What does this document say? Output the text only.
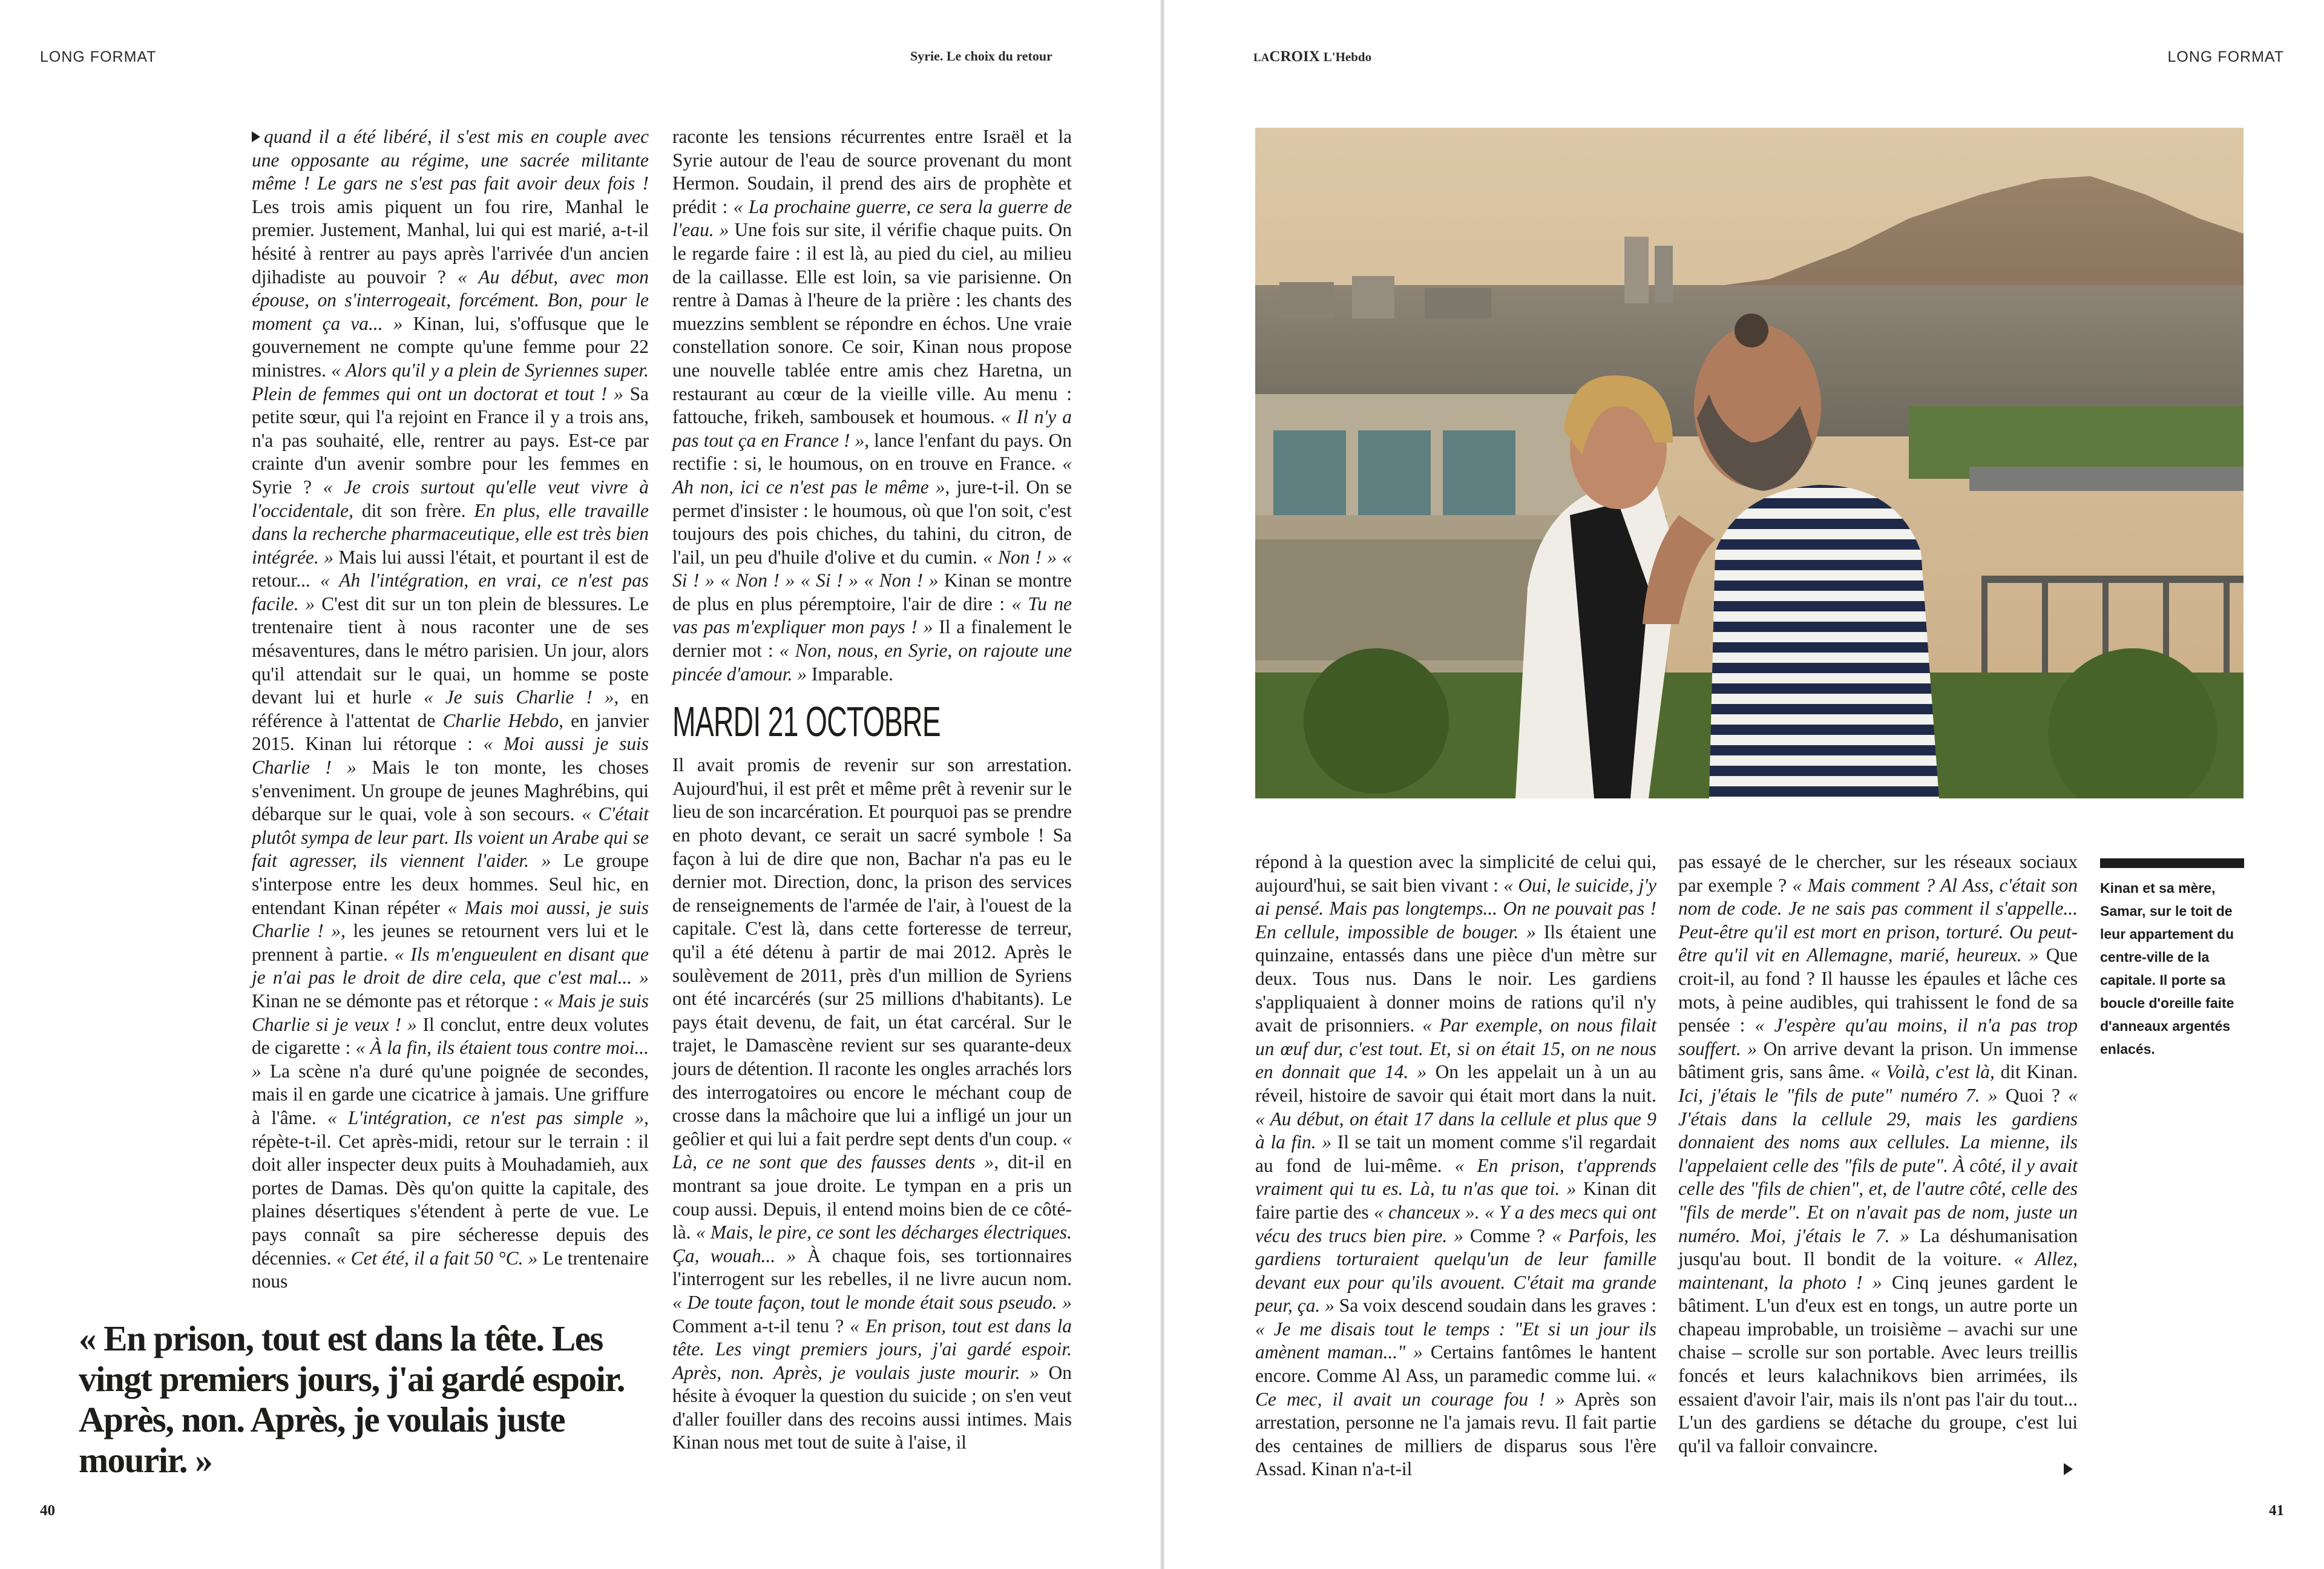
LONG FORMAT	Syrie. Le choix du retour	LACROIX L'Hebdo	LONG FORMAT

quand il a été libéré, il s'est mis en couple avec une opposante au régime, une sacrée militante même ! Le gars ne s'est pas fait avoir deux fois ! Les trois amis piquent un fou rire, Manhal le premier. Justement, Manhal, lui qui est marié, a-t-il hésité à rentrer au pays après l'arrivée d'un ancien djihadiste au pouvoir ? « Au début, avec mon épouse, on s'interrogeait, forcément. Bon, pour le moment ça va... » Kinan, lui, s'offusque que le gouvernement ne compte qu'une femme pour 22 ministres. « Alors qu'il y a plein de Syriennes super. Plein de femmes qui ont un doctorat et tout ! » Sa petite sœur, qui l'a rejoint en France il y a trois ans, n'a pas souhaité, elle, rentrer au pays. Est-ce par crainte d'un avenir sombre pour les femmes en Syrie ? « Je crois surtout qu'elle veut vivre à l'occidentale, dit son frère. En plus, elle travaille dans la recherche pharmaceutique, elle est très bien intégrée. » Mais lui aussi l'était, et pourtant il est de retour... « Ah l'intégration, en vrai, ce n'est pas facile. » C'est dit sur un ton plein de blessures. Le trentenaire tient à nous raconter une de ses mésaventures, dans le métro parisien. Un jour, alors qu'il attendait sur le quai, un homme se poste devant lui et hurle « Je suis Charlie ! », en référence à l'attentat de Charlie Hebdo, en janvier 2015. Kinan lui rétorque : « Moi aussi je suis Charlie ! » Mais le ton monte, les choses s'enveniment. Un groupe de jeunes Maghrébins, qui débarque sur le quai, vole à son secours. « C'était plutôt sympa de leur part. Ils voient un Arabe qui se fait agresser, ils viennent l'aider. » Le groupe s'interpose entre les deux hommes. Seul hic, en entendant Kinan répéter « Mais moi aussi, je suis Charlie ! », les jeunes se retournent vers lui et le prennent à partie. « Ils m'engueulent en disant que je n'ai pas le droit de dire cela, que c'est mal... » Kinan ne se démonte pas et rétorque : « Mais je suis Charlie si je veux ! » Il conclut, entre deux volutes de cigarette : « À la fin, ils étaient tous contre moi... » La scène n'a duré qu'une poignée de secondes, mais il en garde une cicatrice à jamais. Une griffure à l'âme. « L'intégration, ce n'est pas simple », répète-t-il. Cet après-midi, retour sur le terrain : il doit aller inspecter deux puits à Mouhadamieh, aux portes de Damas. Dès qu'on quitte la capitale, des plaines désertiques s'étendent à perte de vue. Le pays connaît sa pire sécheresse depuis des décennies. « Cet été, il a fait 50 °C. » Le trentenaire nous

raconte les tensions récurrentes entre Israël et la Syrie autour de l'eau de source provenant du mont Hermon. Soudain, il prend des airs de prophète et prédit : « La prochaine guerre, ce sera la guerre de l'eau. » Une fois sur site, il vérifie chaque puits. On le regarde faire : il est là, au pied du ciel, au milieu de la caillasse. Elle est loin, sa vie parisienne. On rentre à Damas à l'heure de la prière : les chants des muezzins semblent se répondre en échos. Une vraie constellation sonore. Ce soir, Kinan nous propose une nouvelle tablée entre amis chez Haretna, un restaurant au cœur de la vieille ville. Au menu : fattouche, frikeh, sambousek et houmous. « Il n'y a pas tout ça en France ! », lance l'enfant du pays. On rectifie : si, le houmous, on en trouve en France. « Ah non, ici ce n'est pas le même », jure-t-il. On se permet d'insister : le houmous, où que l'on soit, c'est toujours des pois chiches, du tahini, du citron, de l'ail, un peu d'huile d'olive et du cumin. « Non ! » « Si ! » « Non ! » « Si ! » « Non ! » Kinan se montre de plus en plus péremptoire, l'air de dire : « Tu ne vas pas m'expliquer mon pays ! » Il a finalement le dernier mot : « Non, nous, en Syrie, on rajoute une pincée d'amour. » Imparable.

MARDI 21 OCTOBRE

Il avait promis de revenir sur son arrestation. Aujourd'hui, il est prêt et même prêt à revenir sur le lieu de son incarcération. Et pourquoi pas se prendre en photo devant, ce serait un sacré symbole ! Sa façon à lui de dire que non, Bachar n'a pas eu le dernier mot. Direction, donc, la prison des services de renseignements de l'armée de l'air, à l'ouest de la capitale. C'est là, dans cette forteresse de terreur, qu'il a été détenu à partir de mai 2012. Après le soulèvement de 2011, près d'un million de Syriens ont été incarcérés (sur 25 millions d'habitants). Le pays était devenu, de fait, un état carcéral. Sur le trajet, le Damascène revient sur ses quarante-deux jours de détention. Il raconte les ongles arrachés lors des interrogatoires ou encore le méchant coup de crosse dans la mâchoire que lui a infligé un jour un geôlier et qui lui a fait perdre sept dents d'un coup. « Là, ce ne sont que des fausses dents », dit-il en montrant sa joue droite. Le tympan en a pris un coup aussi. Depuis, il entend moins bien de ce côté-là. « Mais, le pire, ce sont les décharges électriques. Ça, wouah... » À chaque fois, ses tortionnaires l'interrogent sur les rebelles, il ne livre aucun nom. « De toute façon, tout le monde était sous pseudo. » Comment a-t-il tenu ? « En prison, tout est dans la tête. Les vingt premiers jours, j'ai gardé espoir. Après, non. Après, je voulais juste mourir. » On hésite à évoquer la question du suicide ; on s'en veut d'aller fouiller dans des recoins aussi intimes. Mais Kinan nous met tout de suite à l'aise, il

« En prison, tout est dans la tête. Les vingt premiers jours, j'ai gardé espoir. Après, non. Après, je voulais juste mourir. »

répond à la question avec la simplicité de celui qui, aujourd'hui, se sait bien vivant : « Oui, le suicide, j'y ai pensé. Mais pas longtemps... On ne pouvait pas ! En cellule, impossible de bouger. » Ils étaient une quinzaine, entassés dans une pièce d'un mètre sur deux. Tous nus. Dans le noir. Les gardiens s'appliquaient à donner moins de rations qu'il n'y avait de prisonniers. « Par exemple, on nous filait un œuf dur, c'est tout. Et, si on était 15, on ne nous en donnait que 14. » On les appelait un à un au réveil, histoire de savoir qui était mort dans la nuit. « Au début, on était 17 dans la cellule et plus que 9 à la fin. » Il se tait un moment comme s'il regardait au fond de lui-même. « En prison, t'apprends vraiment qui tu es. Là, tu n'as que toi. » Kinan dit faire partie des « chanceux ». « Y a des mecs qui ont vécu des trucs bien pire. » Comme ? « Parfois, les gardiens torturaient quelqu'un de leur famille devant eux pour qu'ils avouent. C'était ma grande peur, ça. » Sa voix descend soudain dans les graves : « Je me disais tout le temps : "Et si un jour ils amènent maman..." » Certains fantômes le hantent encore. Comme Al Ass, un paramedic comme lui. « Ce mec, il avait un courage fou ! » Après son arrestation, personne ne l'a jamais revu. Il fait partie des centaines de milliers de disparus sous l'ère Assad. Kinan n'a-t-il

pas essayé de le chercher, sur les réseaux sociaux par exemple ? « Mais comment ? Al Ass, c'était son nom de code. Je ne sais pas comment il s'appelle... Peut-être qu'il est mort en prison, torturé. Ou peut-être qu'il vit en Allemagne, marié, heureux. » Que croit-il, au fond ? Il hausse les épaules et lâche ces mots, à peine audibles, qui trahissent le fond de sa pensée : « J'espère qu'au moins, il n'a pas trop souffert. » On arrive devant la prison. Un immense bâtiment gris, sans âme. « Voilà, c'est là, dit Kinan. Ici, j'étais le "fils de pute" numéro 7. » Quoi ? « J'étais dans la cellule 29, mais les gardiens donnaient des noms aux cellules. La mienne, ils l'appelaient celle des "fils de pute". À côté, il y avait celle des "fils de chien", et, de l'autre côté, celle des "fils de merde". Et on n'avait pas de nom, juste un numéro. Moi, j'étais le 7. » La déshumanisation jusqu'au bout. Il bondit de la voiture. « Allez, maintenant, la photo ! » Cinq jeunes gardent le bâtiment. L'un d'eux est en tongs, un autre porte un chapeau improbable, un troisième – avachi sur une chaise – scrolle sur son portable. Avec leurs treillis foncés et leurs kalachnikovs bien arrimées, ils essaient d'avoir l'air, mais ils n'ont pas l'air du tout... L'un des gardiens se détache du groupe, c'est lui qu'il va falloir convaincre.

Kinan et sa mère, Samar, sur le toit de leur appartement du centre-ville de la capitale. Il porte sa boucle d'oreille faite d'anneaux argentés enlacés.
40	41
